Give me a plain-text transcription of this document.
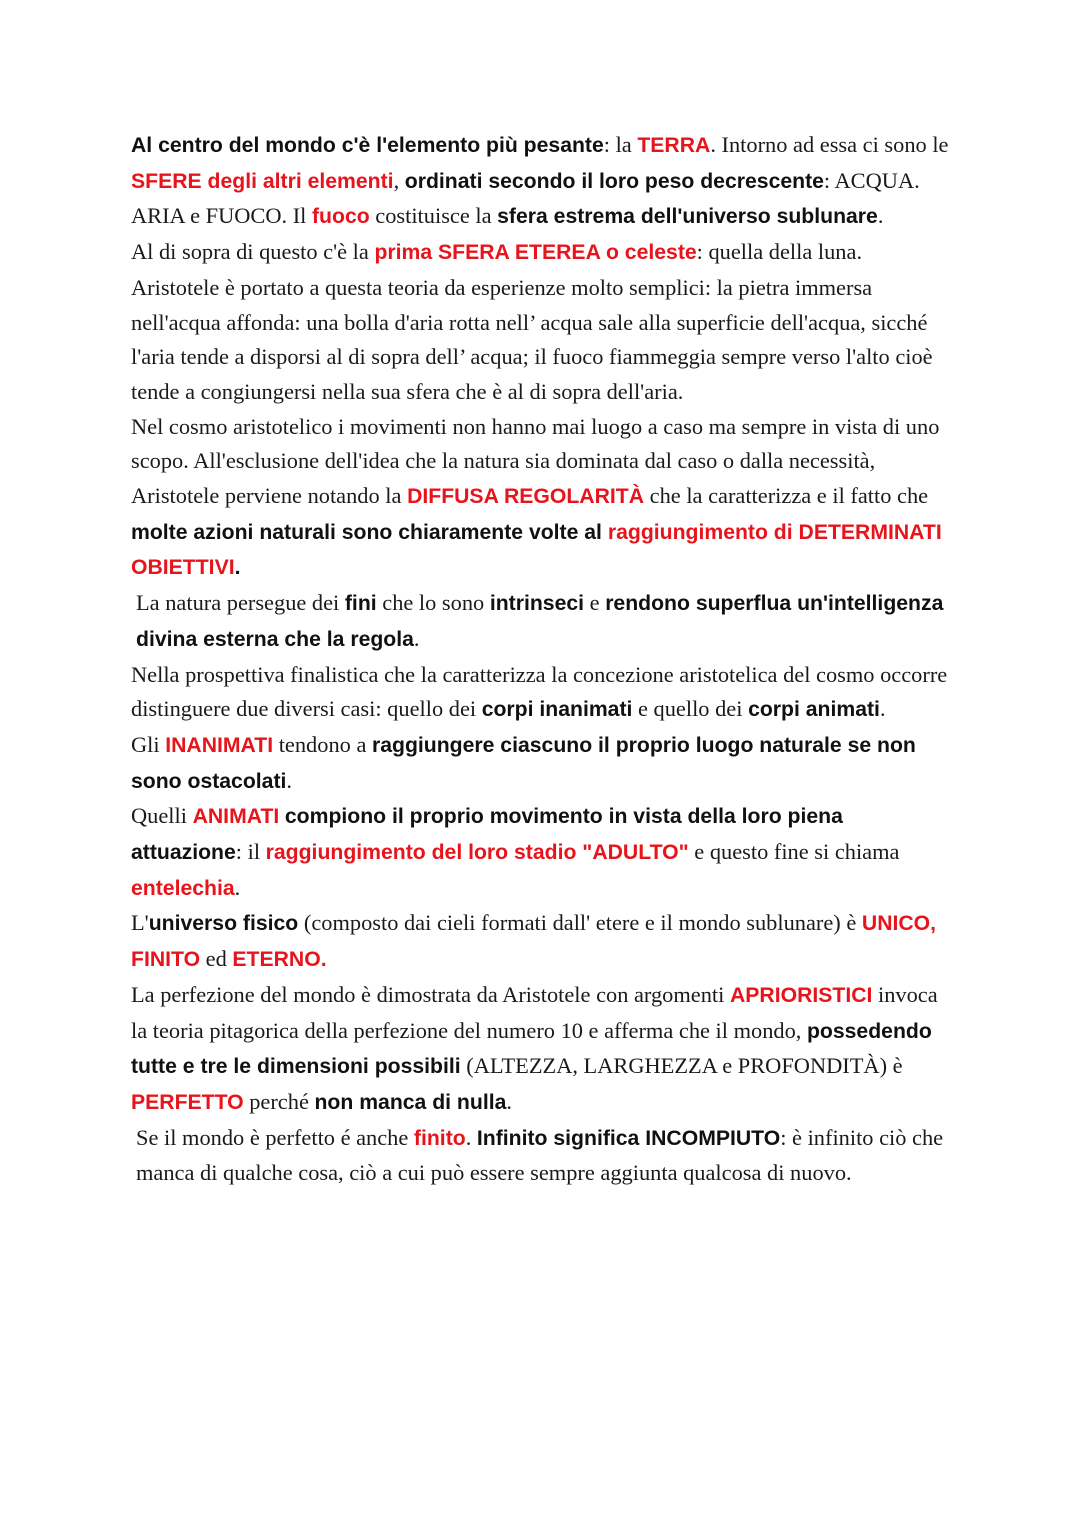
Al centro del mondo c'è l'elemento più pesante: la TERRA. Intorno ad essa ci sono le SFERE degli altri elementi, ordinati secondo il loro peso decrescente: ACQUA. ARIA e FUOCO. Il fuoco costituisce la sfera estrema dell'universo sublunare.

Al di sopra di questo c'è la prima SFERA ETEREA o celeste: quella della luna.

Aristotele è portato a questa teoria da esperienze molto semplici: la pietra immersa nell'acqua affonda: una bolla d'aria rotta nell’ acqua sale alla superficie dell'acqua, sicché l'aria tende a disporsi al di sopra dell’ acqua; il fuoco fiammeggia sempre verso l'alto cioè tende a congiungersi nella sua sfera che è al di sopra dell'aria.

Nel cosmo aristotelico i movimenti non hanno mai luogo a caso ma sempre in vista di uno scopo. All'esclusione dell'idea che la natura sia dominata dal caso o dalla necessità, Aristotele perviene notando la DIFFUSA REGOLARITÀ che la caratterizza e il fatto che molte azioni naturali sono chiaramente volte al raggiungimento di DETERMINATI OBIETTIVI.

La natura persegue dei fini che lo sono intrinseci e rendono superflua un'intelligenza divina esterna che la regola.

Nella prospettiva finalistica che la caratterizza la concezione aristotelica del cosmo occorre distinguere due diversi casi: quello dei corpi inanimati e quello dei corpi animati.

Gli INANIMATI tendono a raggiungere ciascuno il proprio luogo naturale se non sono ostacolati.

Quelli ANIMATI compiono il proprio movimento in vista della loro piena attuazione: il raggiungimento del loro stadio "ADULTO" e questo fine si chiama entelechia.

L'universo fisico (composto dai cieli formati dall' etere e il mondo sublunare) è UNICO, FINITO ed ETERNO.

La perfezione del mondo è dimostrata da Aristotele con argomenti APRIORISTICI invoca la teoria pitagorica della perfezione del numero 10 e afferma che il mondo, possedendo tutte e tre le dimensioni possibili (ALTEZZA, LARGHEZZA e PROFONDITÀ) è PERFETTO perché non manca di nulla.

Se il mondo è perfetto é anche finito. Infinito significa INCOMPIUTO: è infinito ciò che manca di qualche cosa, ciò a cui può essere sempre aggiunta qualcosa di nuovo.
